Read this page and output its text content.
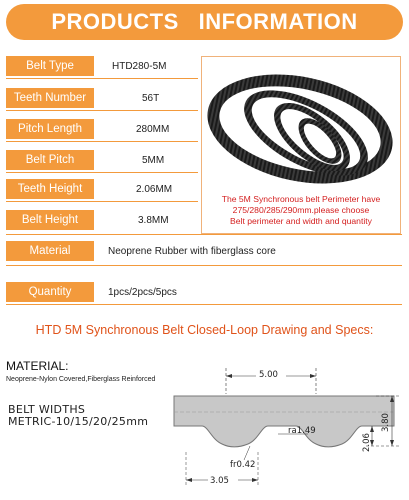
PRODUCTS   INFORMATION
Belt Type	HTD280-5M
Teeth Number	56T
Pitch Length	280MM
Belt Pitch	5MM
Teeth Height	2.06MM
Belt Height	3.8MM
Material	Neoprene Rubber with fiberglass core
Quantity	1pcs/2pcs/5pcs
The 5M Synchronous belt Perimeter have
275/280/285/290mm.please choose
Belt perimeter and width and quantity
HTD 5M Synchronous Belt Closed-Loop Drawing and Specs:
MATERIAL:
Neoprene-Nylon Covered,Fiberglass Reinforced
BELT WIDTHS
METRIC-10/15/20/25mm
5.00
ra1.49
fr0.42
3.80
2.06
3.05
